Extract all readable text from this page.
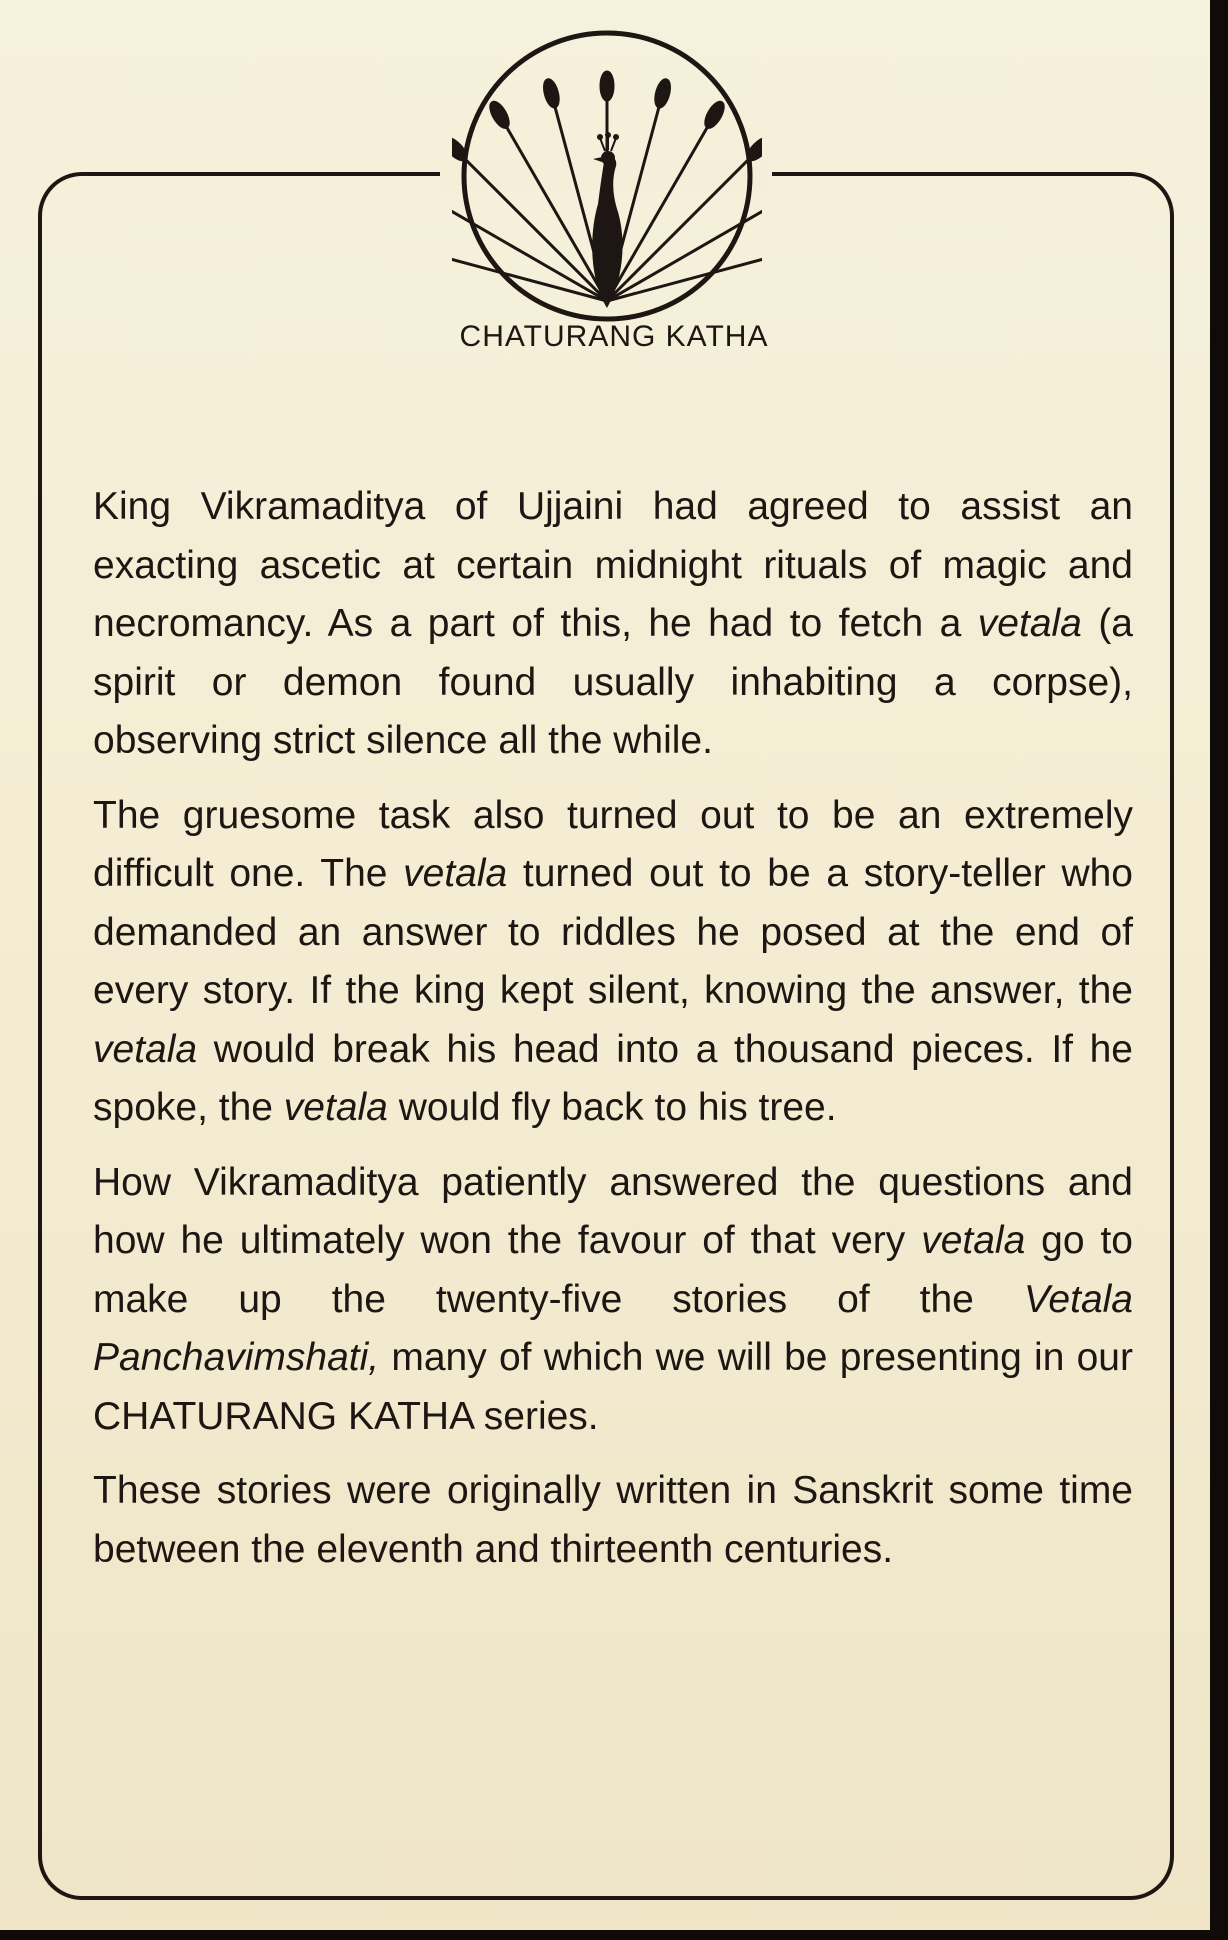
CHATURANG KATHA

King Vikramaditya of Ujjaini had agreed to assist an exacting ascetic at certain midnight rituals of magic and necromancy. As a part of this, he had to fetch a vetala (a spirit or demon found usually inhabiting a corpse), observing strict silence all the while.

The gruesome task also turned out to be an extremely difficult one. The vetala turned out to be a story-teller who demanded an answer to riddles he posed at the end of every story. If the king kept silent, knowing the answer, the vetala would break his head into a thousand pieces. If he spoke, the vetala would fly back to his tree.

How Vikramaditya patiently answered the questions and how he ultimately won the favour of that very vetala go to make up the twenty-five stories of the Vetala Panchavimshati, many of which we will be presenting in our CHATURANG KATHA series.

These stories were originally written in Sanskrit some time between the eleventh and thirteenth centuries.
